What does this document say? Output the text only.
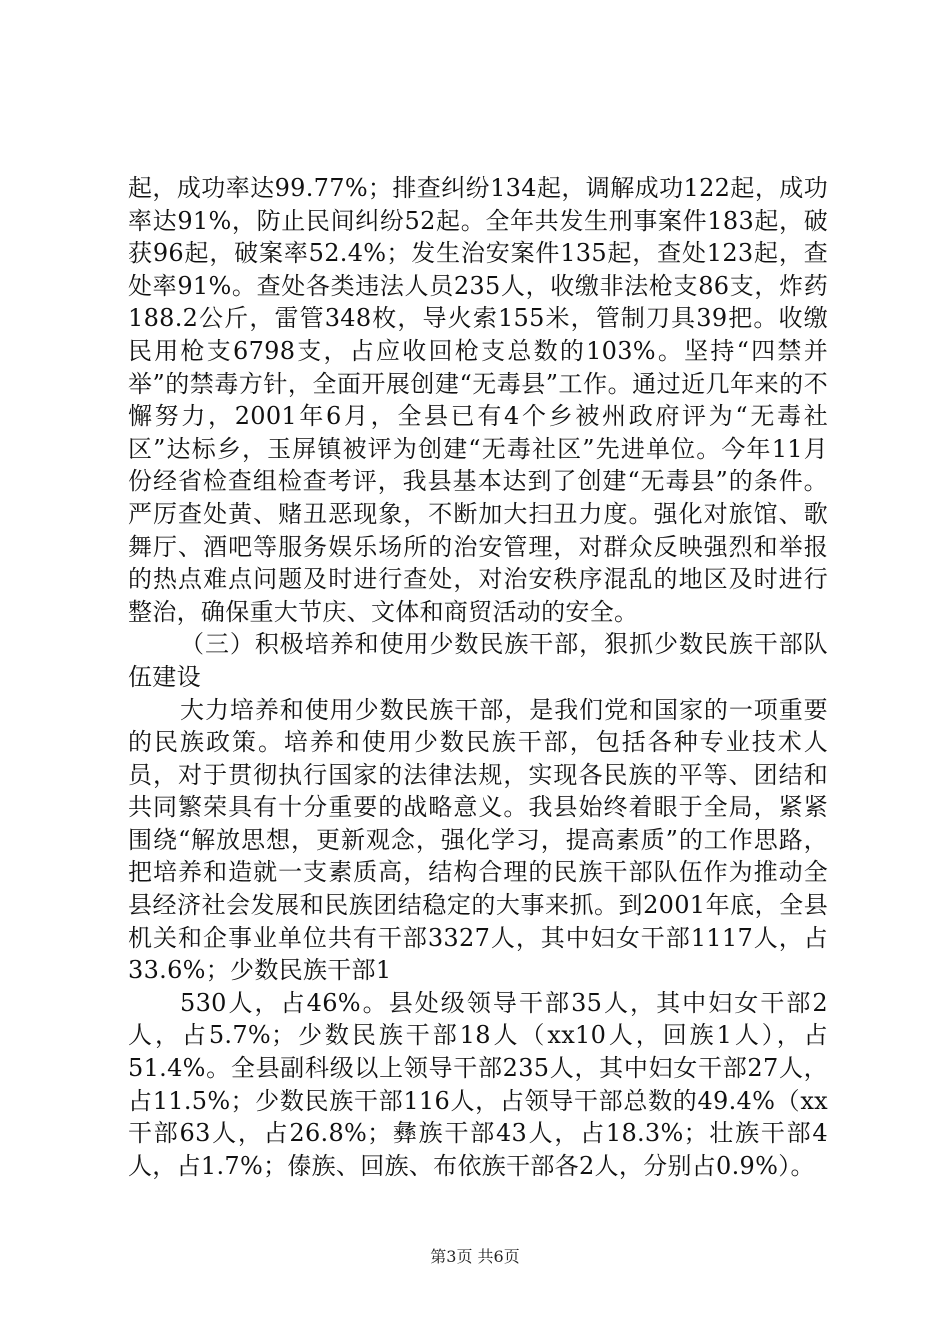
起，成功率达99.77%；排查纠纷134起，调解成功122起，成功率达91%，防止民间纠纷52起。全年共发生刑事案件183起，破获96起，破案率52.4%；发生治安案件135起，查处123起，查处率91%。查处各类违法人员235人，收缴非法枪支86支，炸药188.2公斤，雷管348枚，导火索155米，管制刀具39把。收缴民用枪支6798支，占应收回枪支总数的103%。坚持“四禁并举”的禁毒方针，全面开展创建“无毒县”工作。通过近几年来的不懈努力，2001年6月，全县已有4个乡被州政府评为“无毒社区”达标乡，玉屏镇被评为创建“无毒社区”先进单位。今年11月份经省检查组检查考评，我县基本达到了创建“无毒县”的条件。严厉查处黄、赌丑恶现象，不断加大扫丑力度。强化对旅馆、歌舞厅、酒吧等服务娱乐场所的治安管理，对群众反映强烈和举报的热点难点问题及时进行查处，对治安秩序混乱的地区及时进行整治，确保重大节庆、文体和商贸活动的安全。

（三）积极培养和使用少数民族干部，狠抓少数民族干部队伍建设

大力培养和使用少数民族干部，是我们党和国家的一项重要的民族政策。培养和使用少数民族干部，包括各种专业技术人员，对于贯彻执行国家的法律法规，实现各民族的平等、团结和共同繁荣具有十分重要的战略意义。我县始终着眼于全局，紧紧围绕“解放思想，更新观念，强化学习，提高素质”的工作思路，把培养和造就一支素质高，结构合理的民族干部队伍作为推动全县经济社会发展和民族团结稳定的大事来抓。到2001年底，全县机关和企事业单位共有干部3327人，其中妇女干部1117人，占33.6%；少数民族干部1

530人，占46%。县处级领导干部35人，其中妇女干部2人，占5.7%；少数民族干部18人（xx10人，回族1人），占51.4%。全县副科级以上领导干部235人，其中妇女干部27人，占11.5%；少数民族干部116人，占领导干部总数的49.4%（xx干部63人，占26.8%；彝族干部43人，占18.3%；壮族干部4人，占1.7%；傣族、回族、布依族干部各2人，分别占0.9%）。

第3页 共6页
